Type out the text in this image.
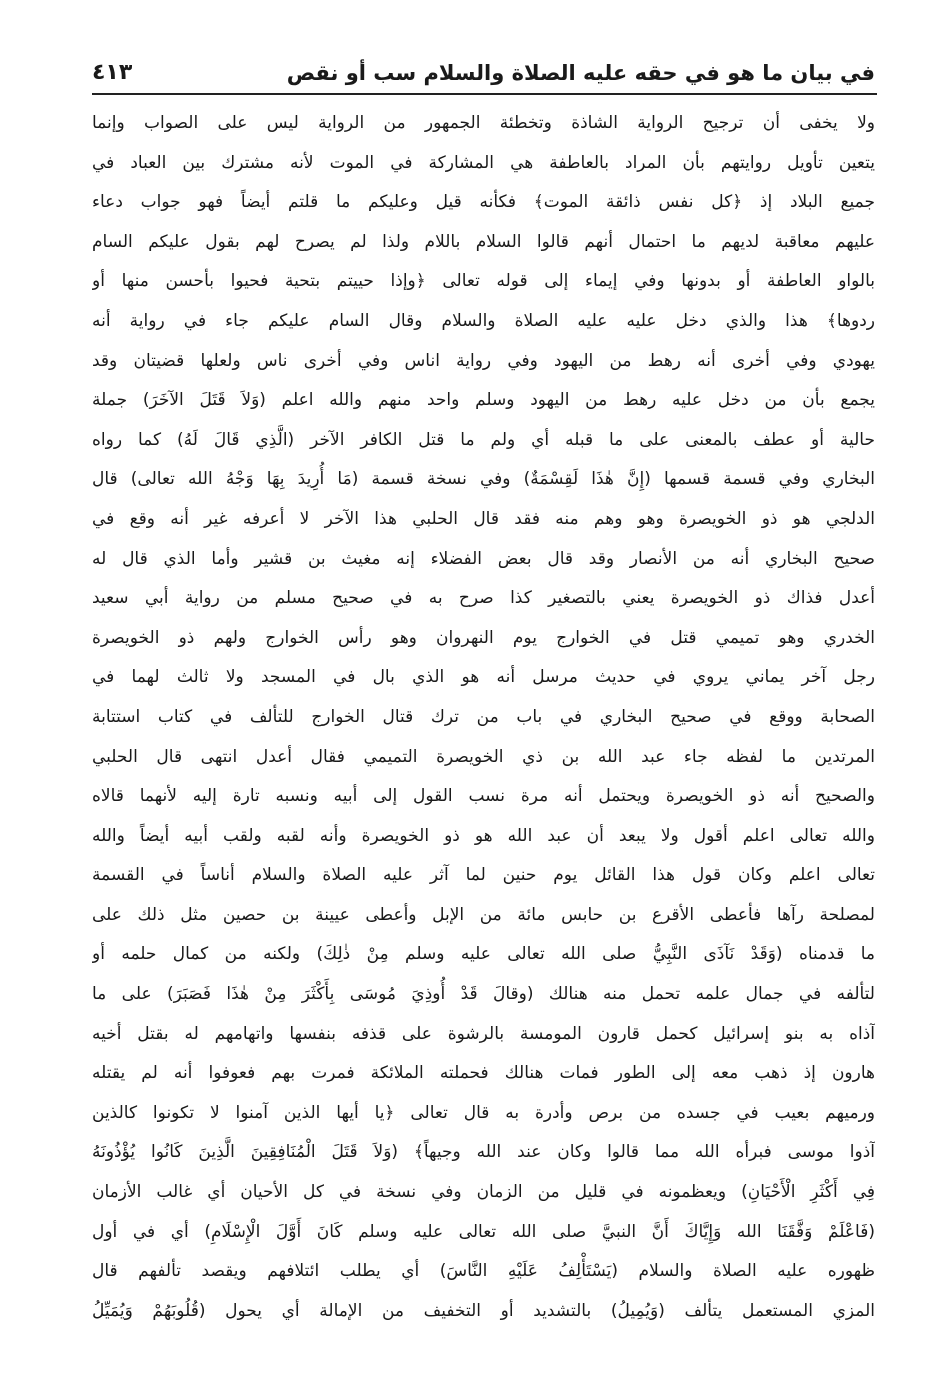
في بيان ما هو في حقه عليه الصلاة والسلام سب أو نقص
٤١٣
ولا يخفى أن ترجيح الرواية الشاذة وتخطئة الجمهور من الرواية ليس على الصواب وإنما
يتعين تأويل روايتهم بأن المراد بالعاطفة هي المشاركة في الموت لأنه مشترك بين العباد في
جميع البلاد إذ ﴿كل نفس ذائقة الموت﴾ فكأنه قيل وعليكم ما قلتم أيضاً فهو جواب دعاء
عليهم معاقبة لديهم ما احتمال أنهم قالوا السلام باللام ولذا لم يصرح لهم بقول عليكم السام
بالواو العاطفة أو بدونها وفي إيماء إلى قوله تعالى ﴿وإذا حييتم بتحية فحيوا بأحسن منها أو
ردوها﴾ هذا والذي دخل عليه عليه الصلاة والسلام وقال السام عليكم جاء في رواية أنه
يهودي وفي أخرى أنه رهط من اليهود وفي رواية اناس وفي أخرى ناس ولعلها قضيتان وقد
يجمع بأن من دخل عليه رهط من اليهود وسلم واحد منهم والله اعلم (وَلاَ قَتَلَ الآخَرَ) جملة
حالية أو عطف بالمعنى على ما قبله أي ولم ما قتل الكافر الآخر (الَّذِي قَالَ لَهُ) كما رواه
البخاري وفي قسمة قسمها (إِنَّ هٰذَا لَقِسْمَةٌ) وفي نسخة قسمة (مَا أُرِيدَ بِهَا وَجْهُ الله تعالى) قال
الدلجي هو ذو الخويصرة وهو وهم منه فقد قال الحلبي هذا الآخر لا أعرفه غير أنه وقع في
صحيح البخاري أنه من الأنصار وقد قال بعض الفضلاء إنه مغيث بن قشير وأما الذي قال له
أعدل فذاك ذو الخويصرة يعني بالتصغير كذا صرح به في صحيح مسلم من رواية أبي سعيد
الخدري وهو تميمي قتل في الخوارج يوم النهروان وهو رأس الخوارج ولهم ذو الخويصرة
رجل آخر يماني يروي في حديث مرسل أنه هو الذي بال في المسجد ولا ثالث لهما في
الصحابة ووقع في صحيح البخاري في باب من ترك قتال الخوارج للتألف في كتاب استتابة
المرتدين ما لفظه جاء عبد الله بن ذي الخويصرة التميمي فقال أعدل انتهى قال الحلبي
والصحيح أنه ذو الخويصرة ويحتمل أنه مرة نسب القول إلى أبيه ونسبه تارة إليه لأنهما قالاه
والله تعالى اعلم أقول ولا يبعد أن عبد الله هو ذو الخويصرة وأنه لقبه ولقب أبيه أيضاً والله
تعالى اعلم وكان قول هذا القائل يوم حنين لما آثر عليه الصلاة والسلام أناساً في القسمة
لمصلحة رآها فأعطى الأقرع بن حابس مائة من الإبل وأعطى عيينة بن حصين مثل ذلك على
ما قدمناه (وَقَدْ نَآذَى النَّبِيُّ صلى الله تعالى عليه وسلم مِنْ ذٰلِكَ) ولكنه من كمال حلمه أو
لتألفه في جمال علمه تحمل منه هنالك (وقالَ قَدْ أُوذِيَ مُوسَى بِأَكْثَرَ مِنْ هٰذَا فَصَبَرَ) على ما
آذاه به بنو إسرائيل كحمل قارون المومسة بالرشوة على قذفه بنفسها واتهامهم له بقتل أخيه
هارون إذ ذهب معه إلى الطور فمات هنالك فحملته الملائكة فمرت بهم فعوفوا أنه لم يقتله
ورميهم بعيب في جسده من برص وأدرة به قال تعالى ﴿يا أيها الذين آمنوا لا تكونوا كالذين
آذوا موسى فبرأه الله مما قالوا وكان عند الله وجيهاً﴾ (وَلاَ قَتَلَ الْمُنَافِقِينَ الَّذِينَ كَانُوا يُؤْذُونَهُ
فِي أَكْثَرِ الْأَحْيَانِ) ويعظمونه في قليل من الزمان وفي نسخة في كل الأحيان أي غالب الأزمان
(فَاعْلَمْ وَفَّقَنَا الله وَإِيَّاكَ أَنَّ النبيَّ صلى الله تعالى عليه وسلم كَانَ أَوَّلَ الْإِسْلَامِ) أي في أول
ظهوره عليه الصلاة والسلام (يَسْتَأْلِفُ عَلَيْهِ النَّاسَ) أي يطلب ائتلافهم ويقصد تألفهم قال
المزي المستعمل يتألف (وَيُمِيلُ) بالتشديد أو التخفيف من الإمالة أي يحول (قُلُوبَهُمْ وَيُمَيِّلُ
